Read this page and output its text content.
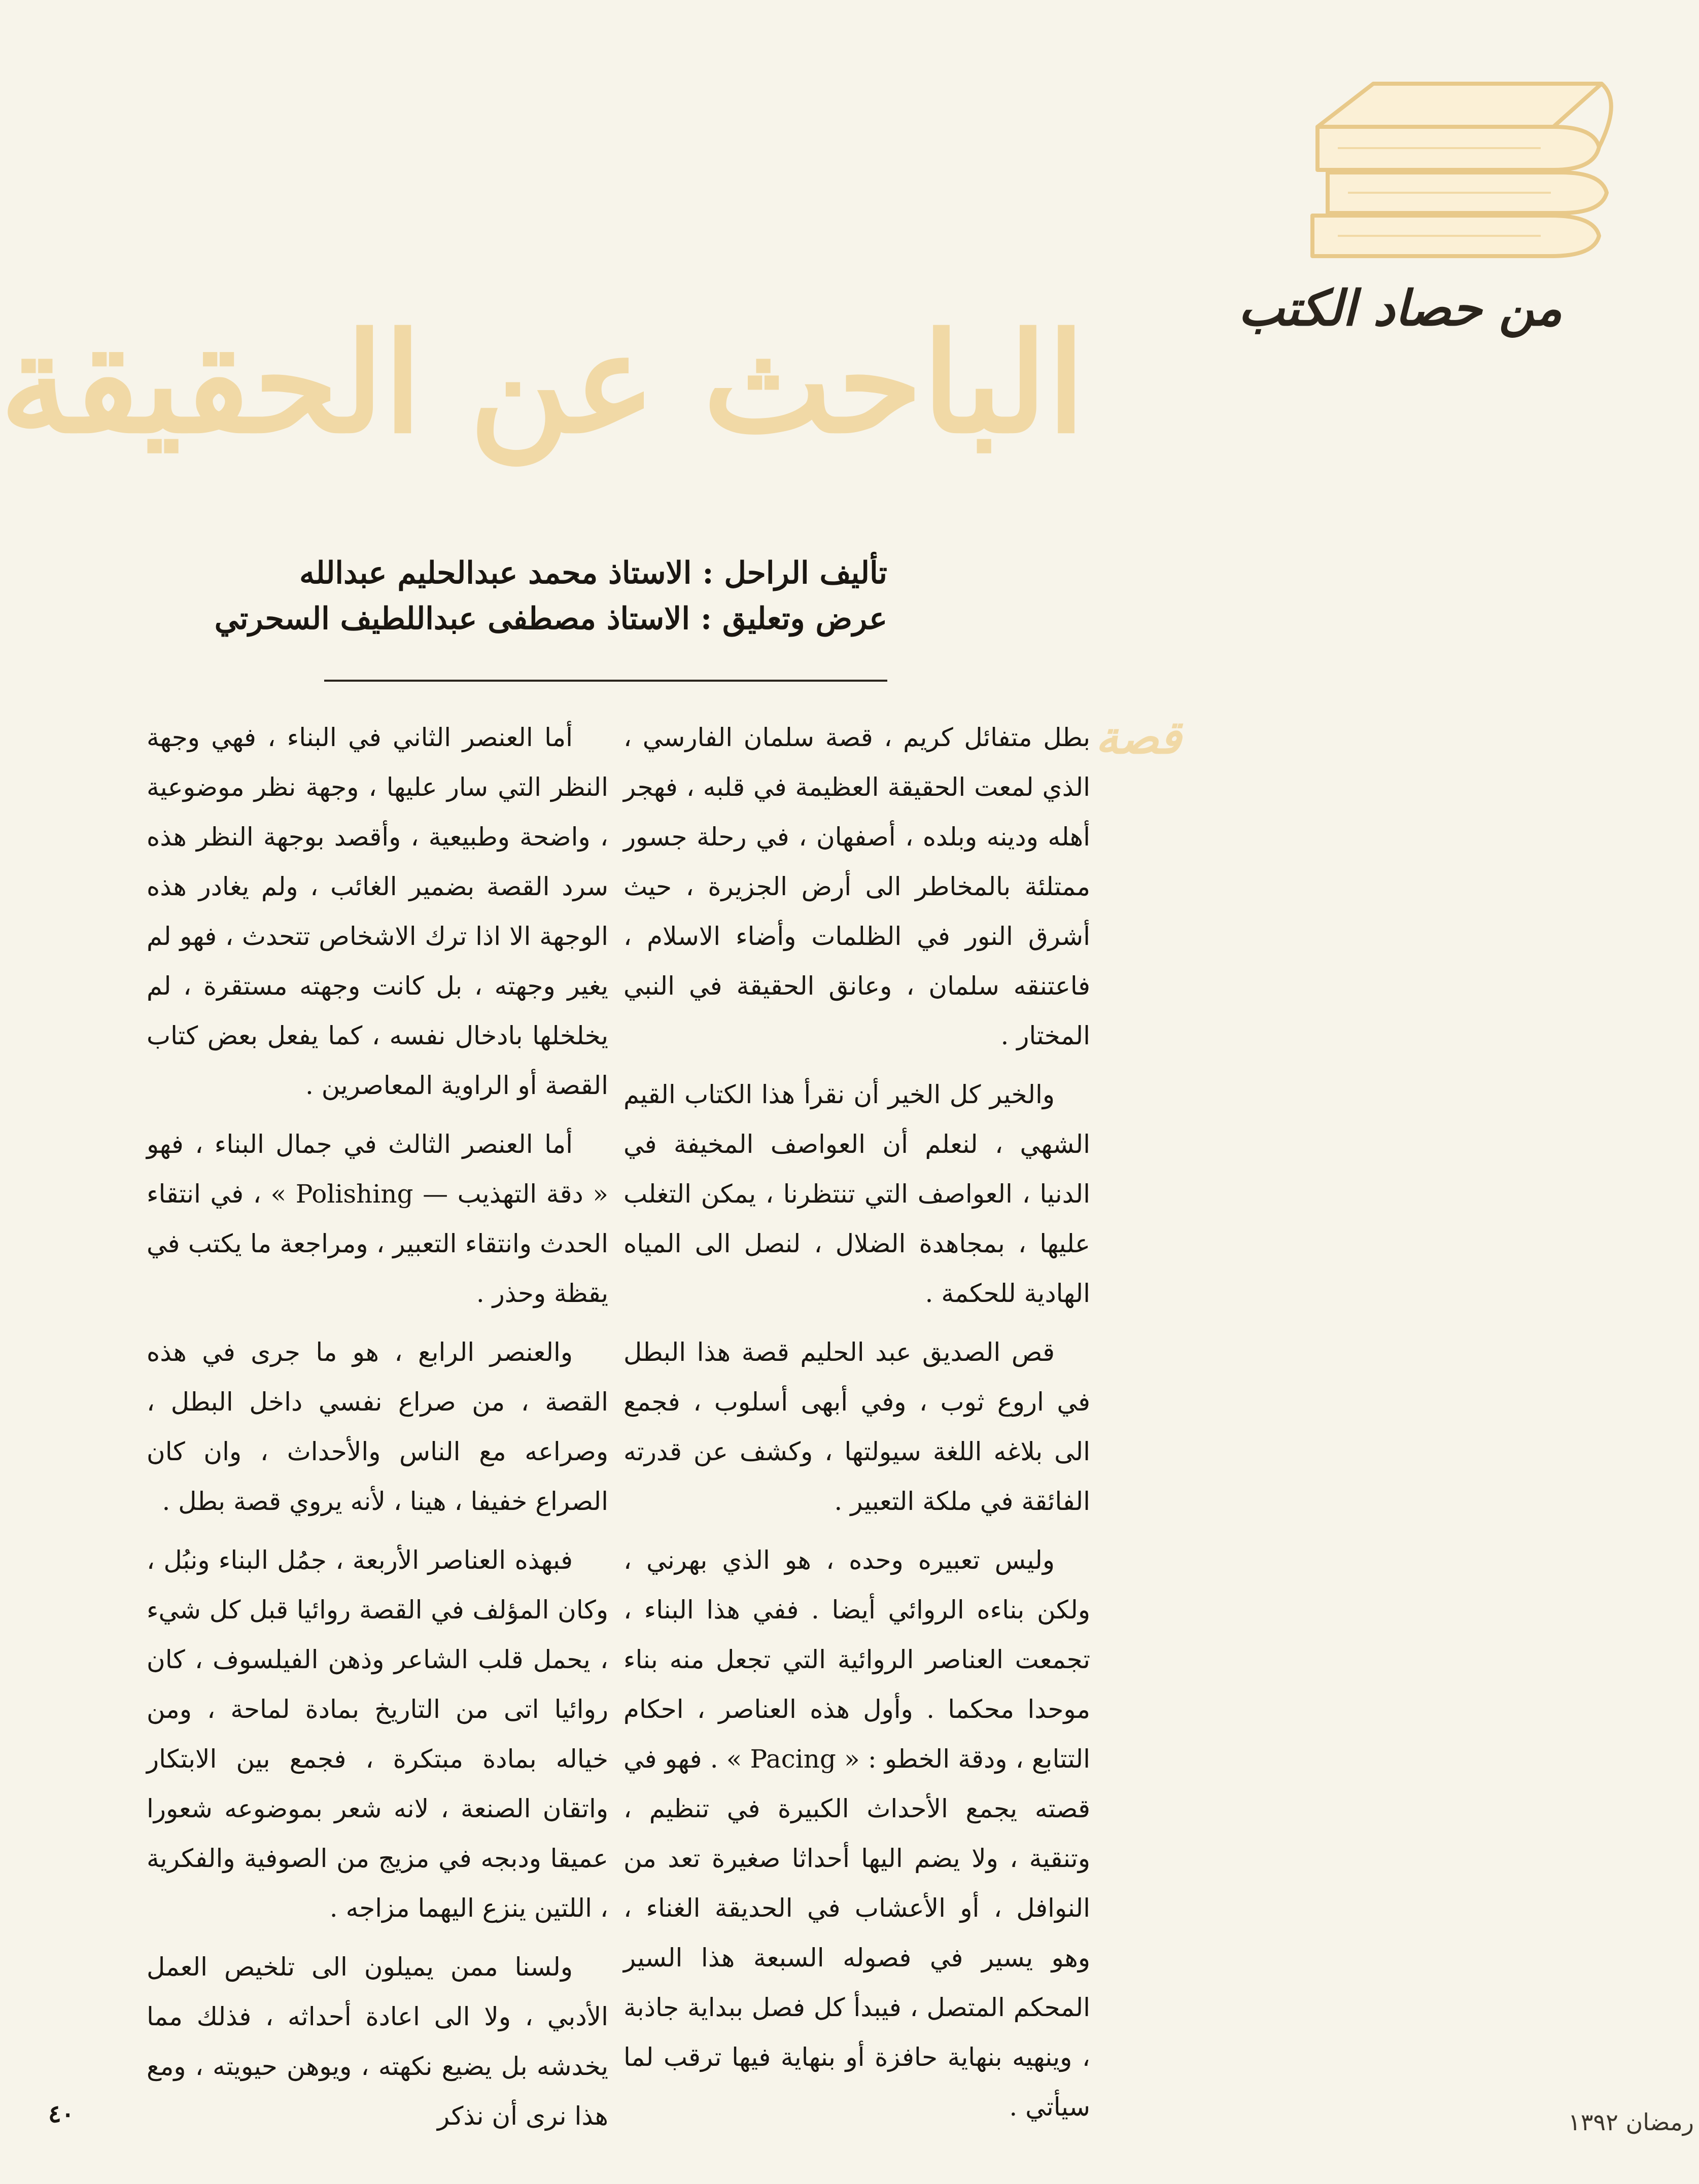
من حصاد الكتب
الباحث عن الحقيقة
تأليف الراحل : الاستاذ محمد عبدالحليم عبدالله
عرض وتعليق : الاستاذ مصطفى عبداللطيف السحرتي
قصة

بطل متفائل كريم ، قصة سلمان الفارسي ، الذي لمعت الحقيقة العظيمة في قلبه ، فهجر أهله ودينه وبلده ، أصفهان ، في رحلة جسور ممتلئة بالمخاطر الى أرض الجزيرة ، حيث أشرق النور في الظلمات وأضاء الاسلام ، فاعتنقه سلمان ، وعانق الحقيقة في النبي المختار .

والخير كل الخير أن نقرأ هذا الكتاب القيم الشهي ، لنعلم أن العواصف المخيفة في الدنيا ، العواصف التي تنتظرنا ، يمكن التغلب عليها ، بمجاهدة الضلال ، لنصل الى المياه الهادية للحكمة .

قص الصديق عبد الحليم قصة هذا البطل في اروع ثوب ، وفي أبهى أسلوب ، فجمع الى بلاغه اللغة سيولتها ، وكشف عن قدرته الفائقة في ملكة التعبير .

وليس تعبيره وحده ، هو الذي بهرني ، ولكن بناءه الروائي أيضا . ففي هذا البناء ، تجمعت العناصر الروائية التي تجعل منه بناء موحدا محكما . وأول هذه العناصر ، احكام التتابع ، ودقة الخطو : « Pacing » . فهو في قصته يجمع الأحداث الكبيرة في تنظيم ، وتنقية ، ولا يضم اليها أحداثا صغيرة تعد من النوافل ، أو الأعشاب في الحديقة الغناء ، وهو يسير في فصوله السبعة هذا السير المحكم المتصل ، فيبدأ كل فصل ببداية جاذبة ، وينهيه بنهاية حافزة أو بنهاية فيها ترقب لما سيأتي .

أما العنصر الثاني في البناء ، فهي وجهة النظر التي سار عليها ، وجهة نظر موضوعية ، واضحة وطبيعية ، وأقصد بوجهة النظر هذه سرد القصة بضمير الغائب ، ولم يغادر هذه الوجهة الا اذا ترك الاشخاص تتحدث ، فهو لم يغير وجهته ، بل كانت وجهته مستقرة ، لم يخلخلها بادخال نفسه ، كما يفعل بعض كتاب القصة أو الراوية المعاصرين .

أما العنصر الثالث في جمال البناء ، فهو « دقة التهذيب — Polishing » ، في انتقاء الحدث وانتقاء التعبير ، ومراجعة ما يكتب في يقظة وحذر .

والعنصر الرابع ، هو ما جرى في هذه القصة ، من صراع نفسي داخل البطل ، وصراعه مع الناس والأحداث ، وان كان الصراع خفيفا ، هينا ، لأنه يروي قصة بطل .

فبهذه العناصر الأربعة ، جمُل البناء ونبُل ، وكان المؤلف في القصة روائيا قبل كل شيء ، يحمل قلب الشاعر وذهن الفيلسوف ، كان روائيا اتى من التاريخ بمادة لماحة ، ومن خياله بمادة مبتكرة ، فجمع بين الابتكار واتقان الصنعة ، لانه شعر بموضوعه شعورا عميقا ودبجه في مزيج من الصوفية والفكرية ، اللتين ينزع اليهما مزاجه .

ولسنا ممن يميلون الى تلخيص العمل الأدبي ، ولا الى اعادة أحداثه ، فذلك مما يخدشه بل يضيع نكهته ، ويوهن حيويته ، ومع هذا نرى أن نذكر

٤٠	رمضان ١٣٩٢
